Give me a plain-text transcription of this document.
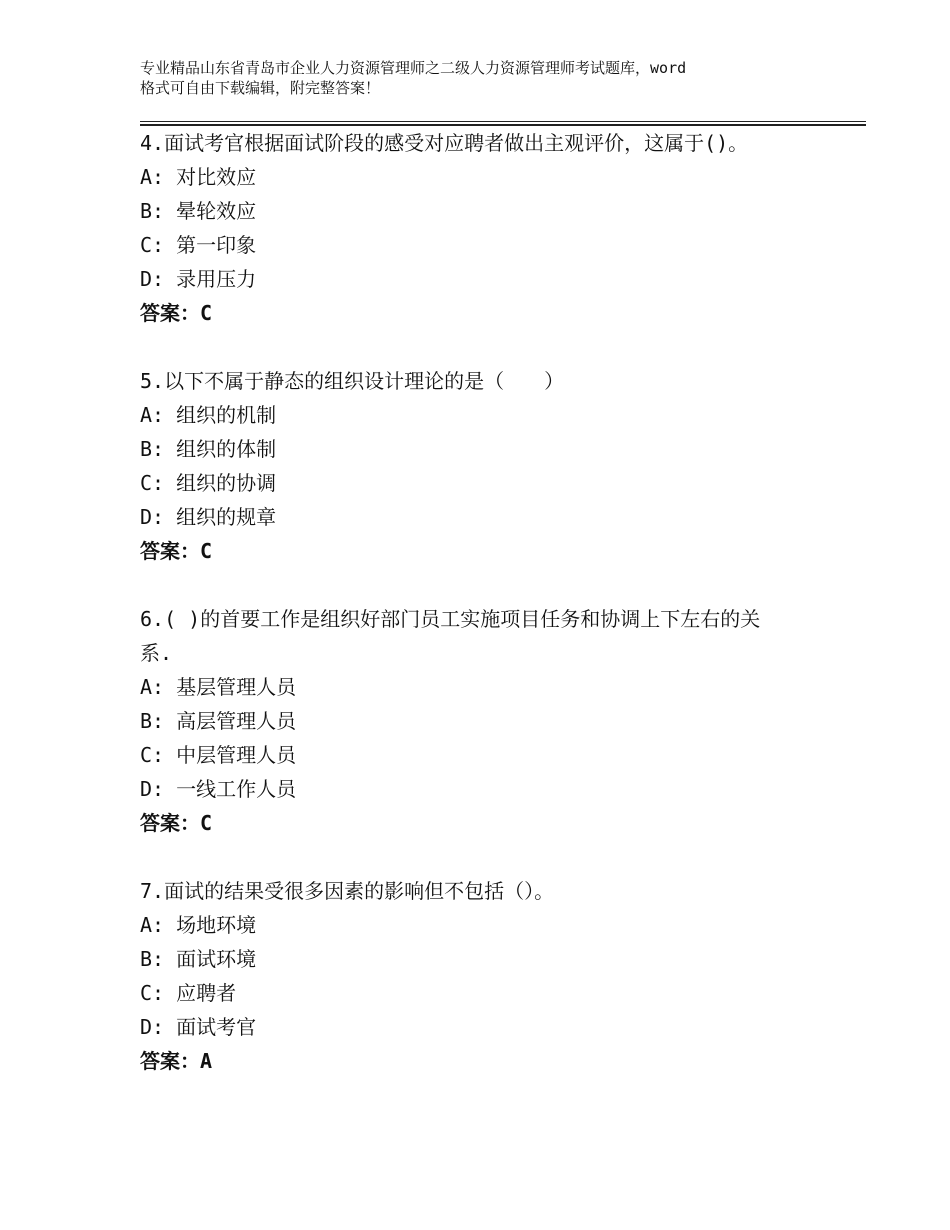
专业精品山东省青岛市企业人力资源管理师之二级人力资源管理师考试题库，word
格式可自由下载编辑，附完整答案！
4.面试考官根据面试阶段的感受对应聘者做出主观评价，这属于()。
A: 对比效应
B: 晕轮效应
C: 第一印象
D: 录用压力
答案：C
5.以下不属于静态的组织设计理论的是（　　）
A: 组织的机制
B: 组织的体制
C: 组织的协调
D: 组织的规章
答案：C
6.( )的首要工作是组织好部门员工实施项目任务和协调上下左右的关
系.
A: 基层管理人员
B: 高层管理人员
C: 中层管理人员
D: 一线工作人员
答案：C
7.面试的结果受很多因素的影响但不包括（）。
A: 场地环境
B: 面试环境
C: 应聘者
D: 面试考官
答案：A
